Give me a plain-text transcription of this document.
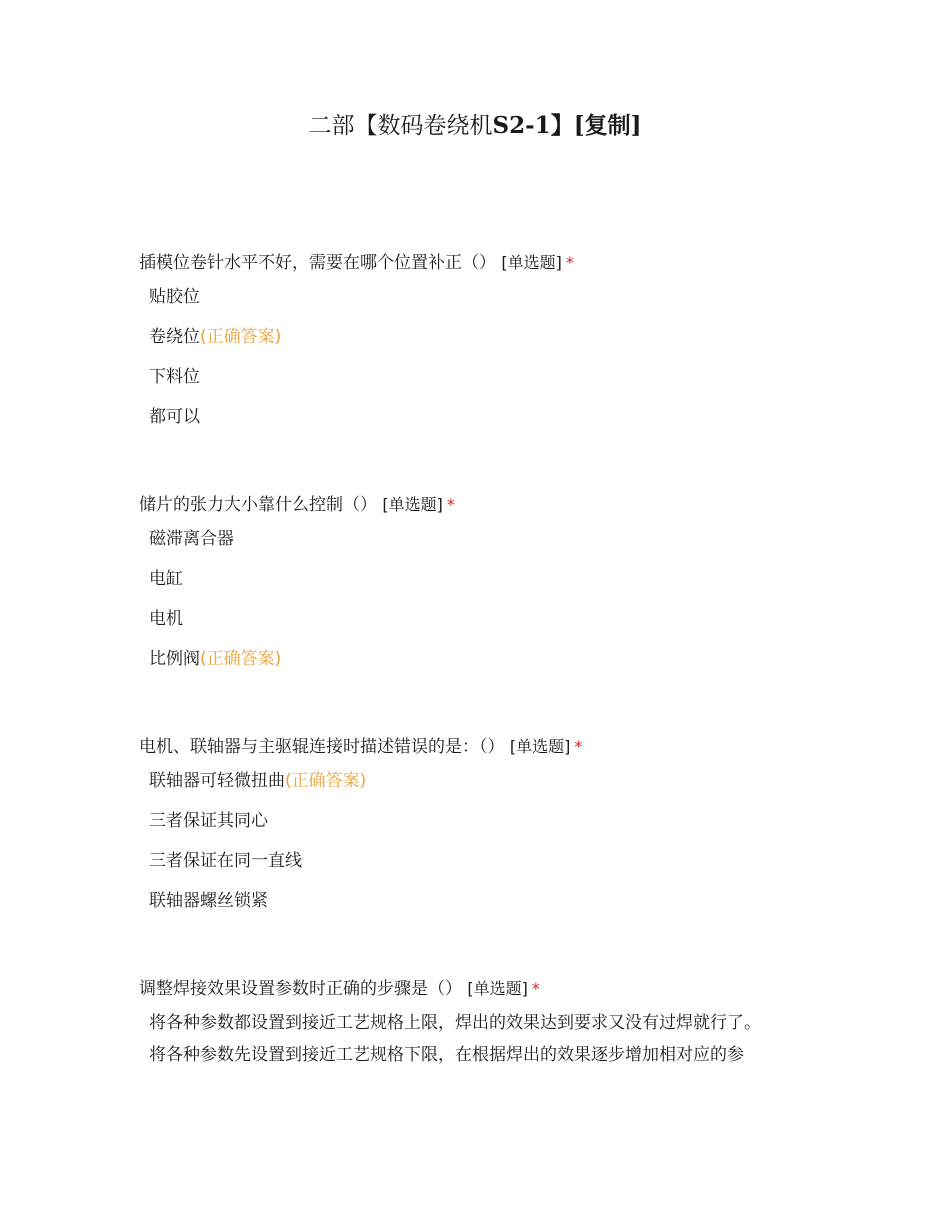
二部【数码卷绕机S2-1】[复制]
插模位卷针水平不好，需要在哪个位置补正（） [单选题] *
贴胶位
卷绕位(正确答案)
下料位
都可以
储片的张力大小靠什么控制（） [单选题] *
磁滞离合器
电缸
电机
比例阀(正确答案)
电机、联轴器与主驱辊连接时描述错误的是：（） [单选题] *
联轴器可轻微扭曲(正确答案)
三者保证其同心
三者保证在同一直线
联轴器螺丝锁紧
调整焊接效果设置参数时正确的步骤是（） [单选题] *
将各种参数都设置到接近工艺规格上限，焊出的效果达到要求又没有过焊就行了。
将各种参数先设置到接近工艺规格下限，在根据焊出的效果逐步增加相对应的参
